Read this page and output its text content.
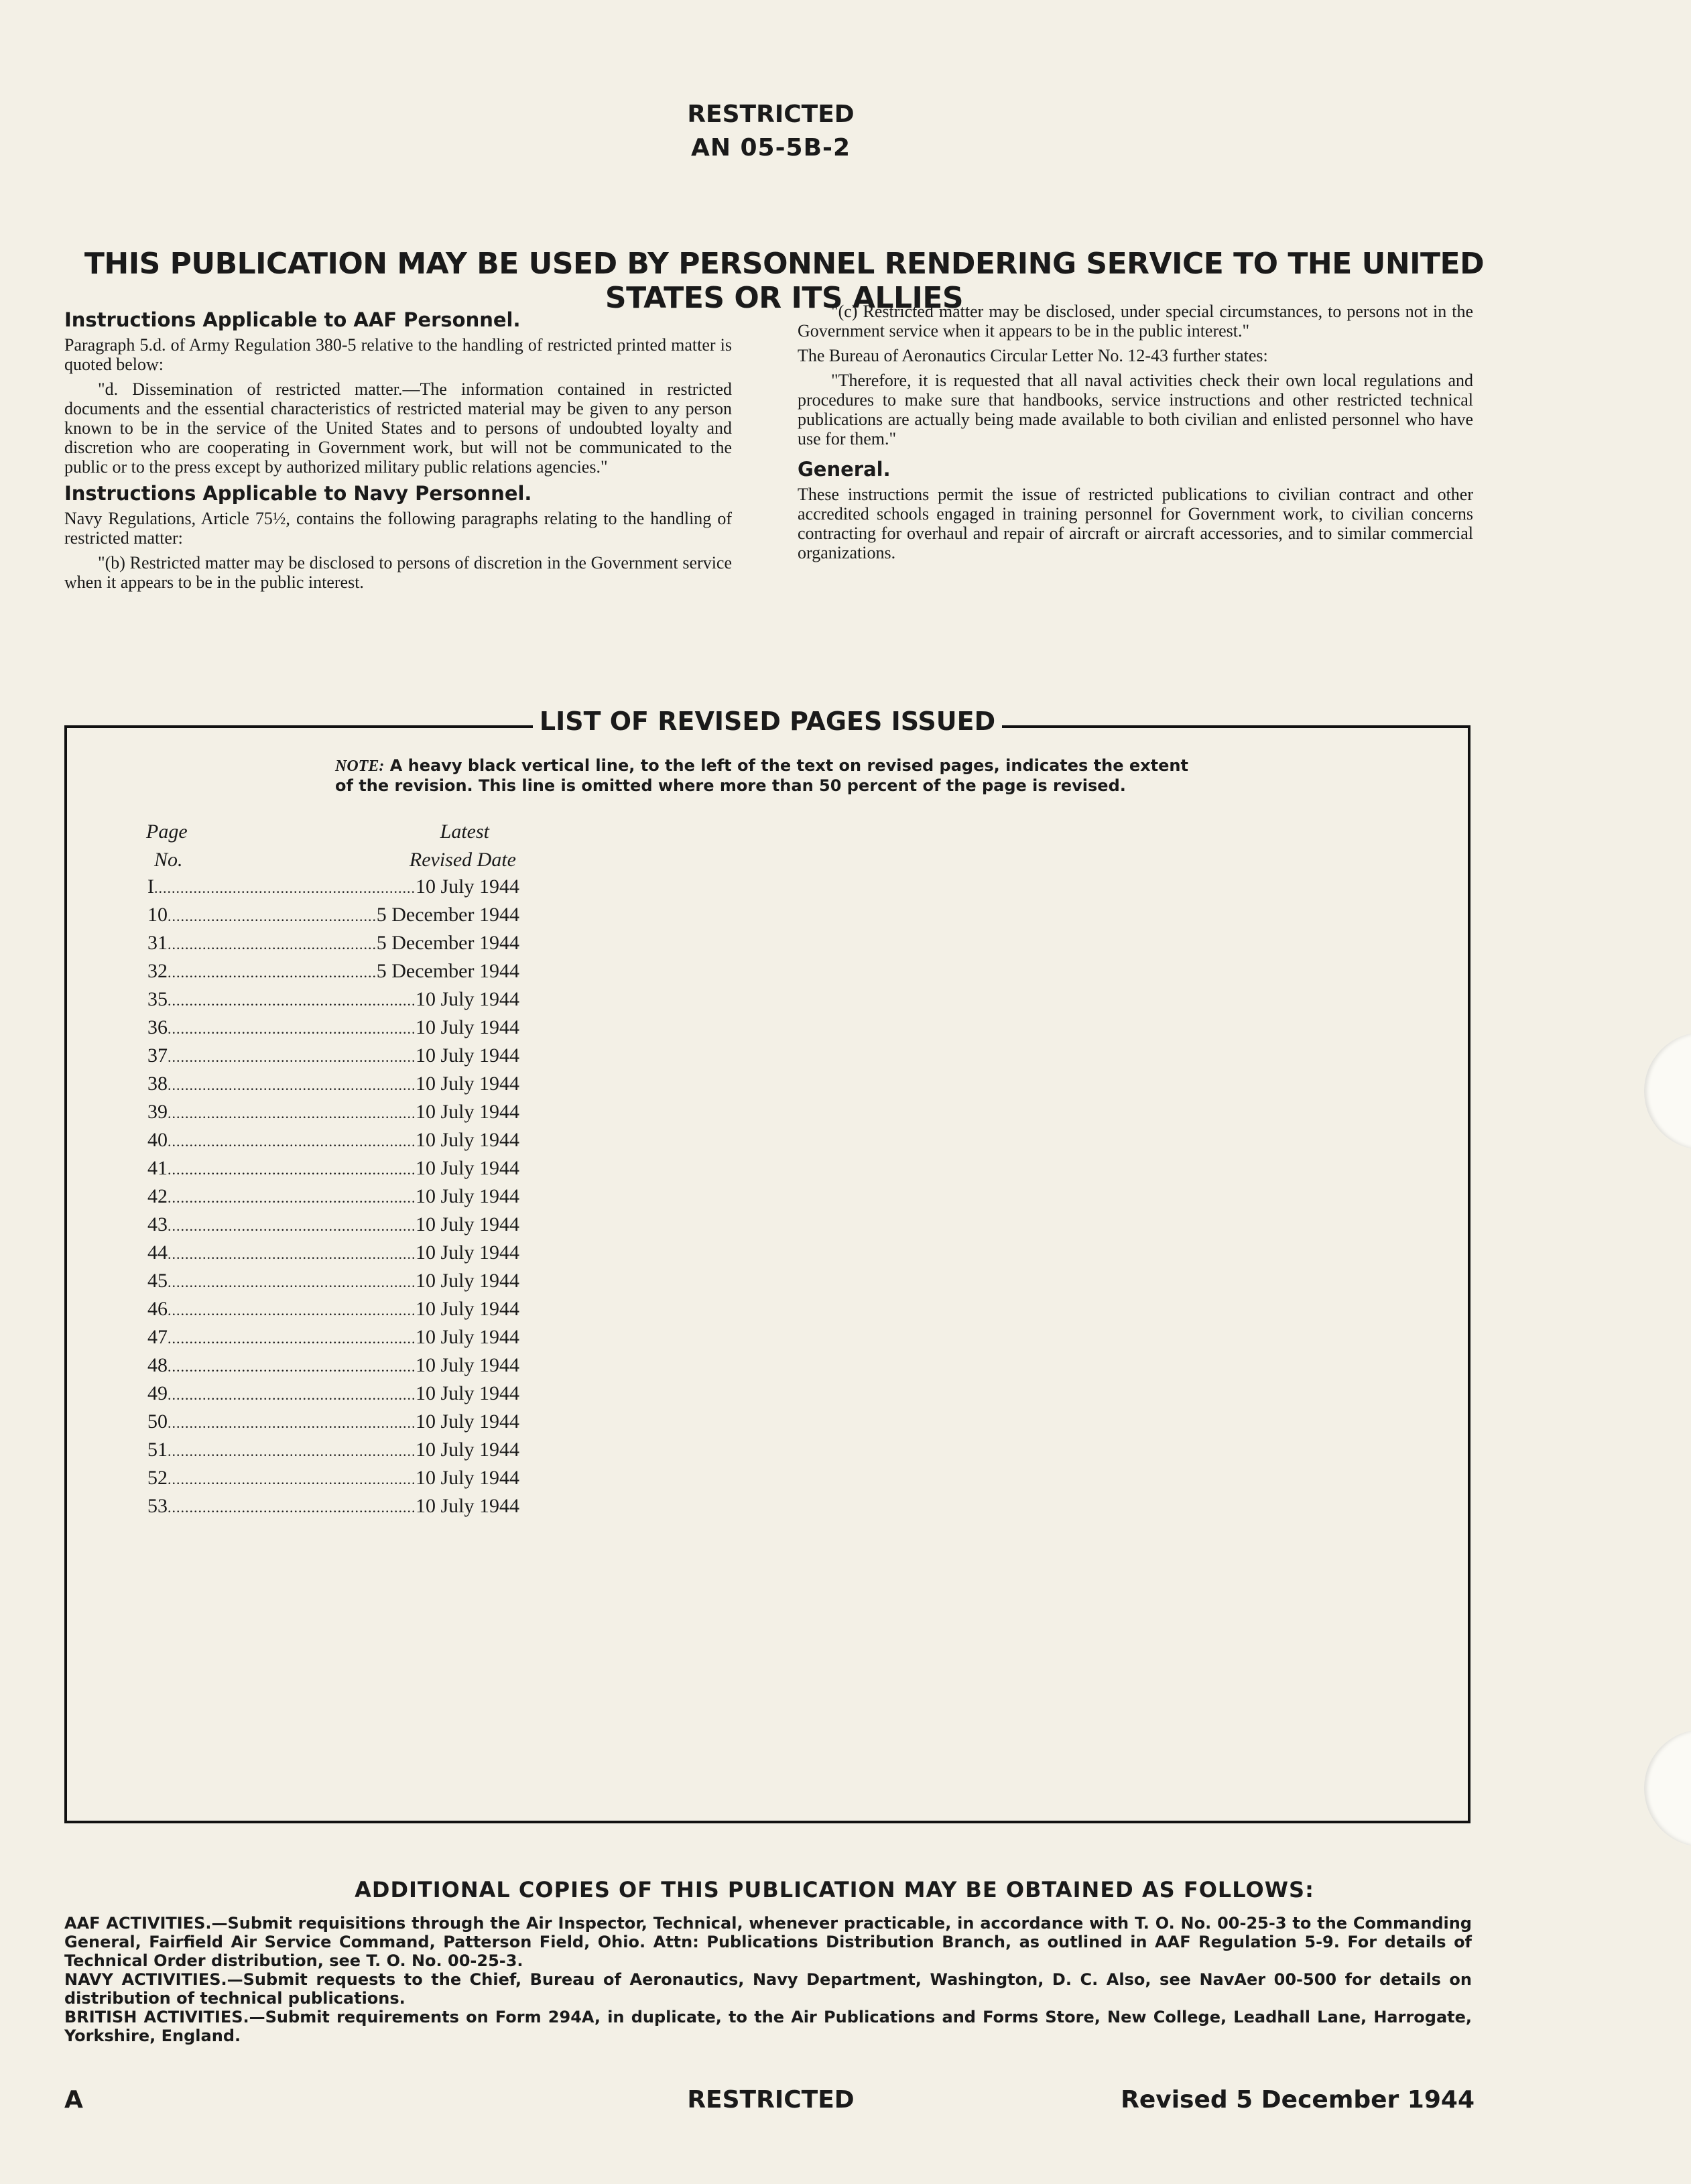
RESTRICTED
AN 05-5B-2
THIS PUBLICATION MAY BE USED BY PERSONNEL RENDERING SERVICE TO THE UNITED STATES OR ITS ALLIES
Instructions Applicable to AAF Personnel.

Paragraph 5.d. of Army Regulation 380-5 relative to the handling of restricted printed matter is quoted below:

"d. Dissemination of restricted matter.—The information contained in restricted documents and the essential characteristics of restricted material may be given to any person known to be in the service of the United States and to persons of undoubted loyalty and discretion who are cooperating in Government work, but will not be communicated to the public or to the press except by authorized military public relations agencies."

Instructions Applicable to Navy Personnel.

Navy Regulations, Article 75½, contains the following paragraphs relating to the handling of restricted matter:

"(b) Restricted matter may be disclosed to persons of discretion in the Government service when it appears to be in the public interest.

"(c) Restricted matter may be disclosed, under special circumstances, to persons not in the Government service when it appears to be in the public interest."

The Bureau of Aeronautics Circular Letter No. 12-43 further states:

"Therefore, it is requested that all naval activities check their own local regulations and procedures to make sure that handbooks, service instructions and other restricted technical publications are actually being made available to both civilian and enlisted personnel who have use for them."

General.

These instructions permit the issue of restricted publications to civilian contract and other accredited schools engaged in training personnel for Government work, to civilian concerns contracting for overhaul and repair of aircraft or aircraft accessories, and to similar commercial organizations.

LIST OF REVISED PAGES ISSUED
NOTE: A heavy black vertical line, to the left of the text on revised pages, indicates the extent of the revision. This line is omitted where more than 50 percent of the page is revised.
Page
No.
Latest
Revised Date
I .....	10 July 1944
10 .....	5 December 1944
31 .....	5 December 1944
32 .....	5 December 1944
35 .....	10 July 1944
36 .....	10 July 1944
37 .....	10 July 1944
38 .....	10 July 1944
39 .....	10 July 1944
40 .....	10 July 1944
41 .....	10 July 1944
42 .....	10 July 1944
43 .....	10 July 1944
44 .....	10 July 1944
45 .....	10 July 1944
46 .....	10 July 1944
47 .....	10 July 1944
48 .....	10 July 1944
49 .....	10 July 1944
50 .....	10 July 1944
51 .....	10 July 1944
52 .....	10 July 1944
53 .....	10 July 1944
ADDITIONAL COPIES OF THIS PUBLICATION MAY BE OBTAINED AS FOLLOWS:

AAF ACTIVITIES.—Submit requisitions through the Air Inspector, Technical, whenever practicable, in accordance with T. O. No. 00-25-3 to the Commanding General, Fairfield Air Service Command, Patterson Field, Ohio. Attn: Publications Distribution Branch, as outlined in AAF Regulation 5-9. For details of Technical Order distribution, see T. O. No. 00-25-3.

NAVY ACTIVITIES.—Submit requests to the Chief, Bureau of Aeronautics, Navy Department, Washington, D. C. Also, see NavAer 00-500 for details on distribution of technical publications.

BRITISH ACTIVITIES.—Submit requirements on Form 294A, in duplicate, to the Air Publications and Forms Store, New College, Leadhall Lane, Harrogate, Yorkshire, England.

A	RESTRICTED	Revised 5 December 1944
